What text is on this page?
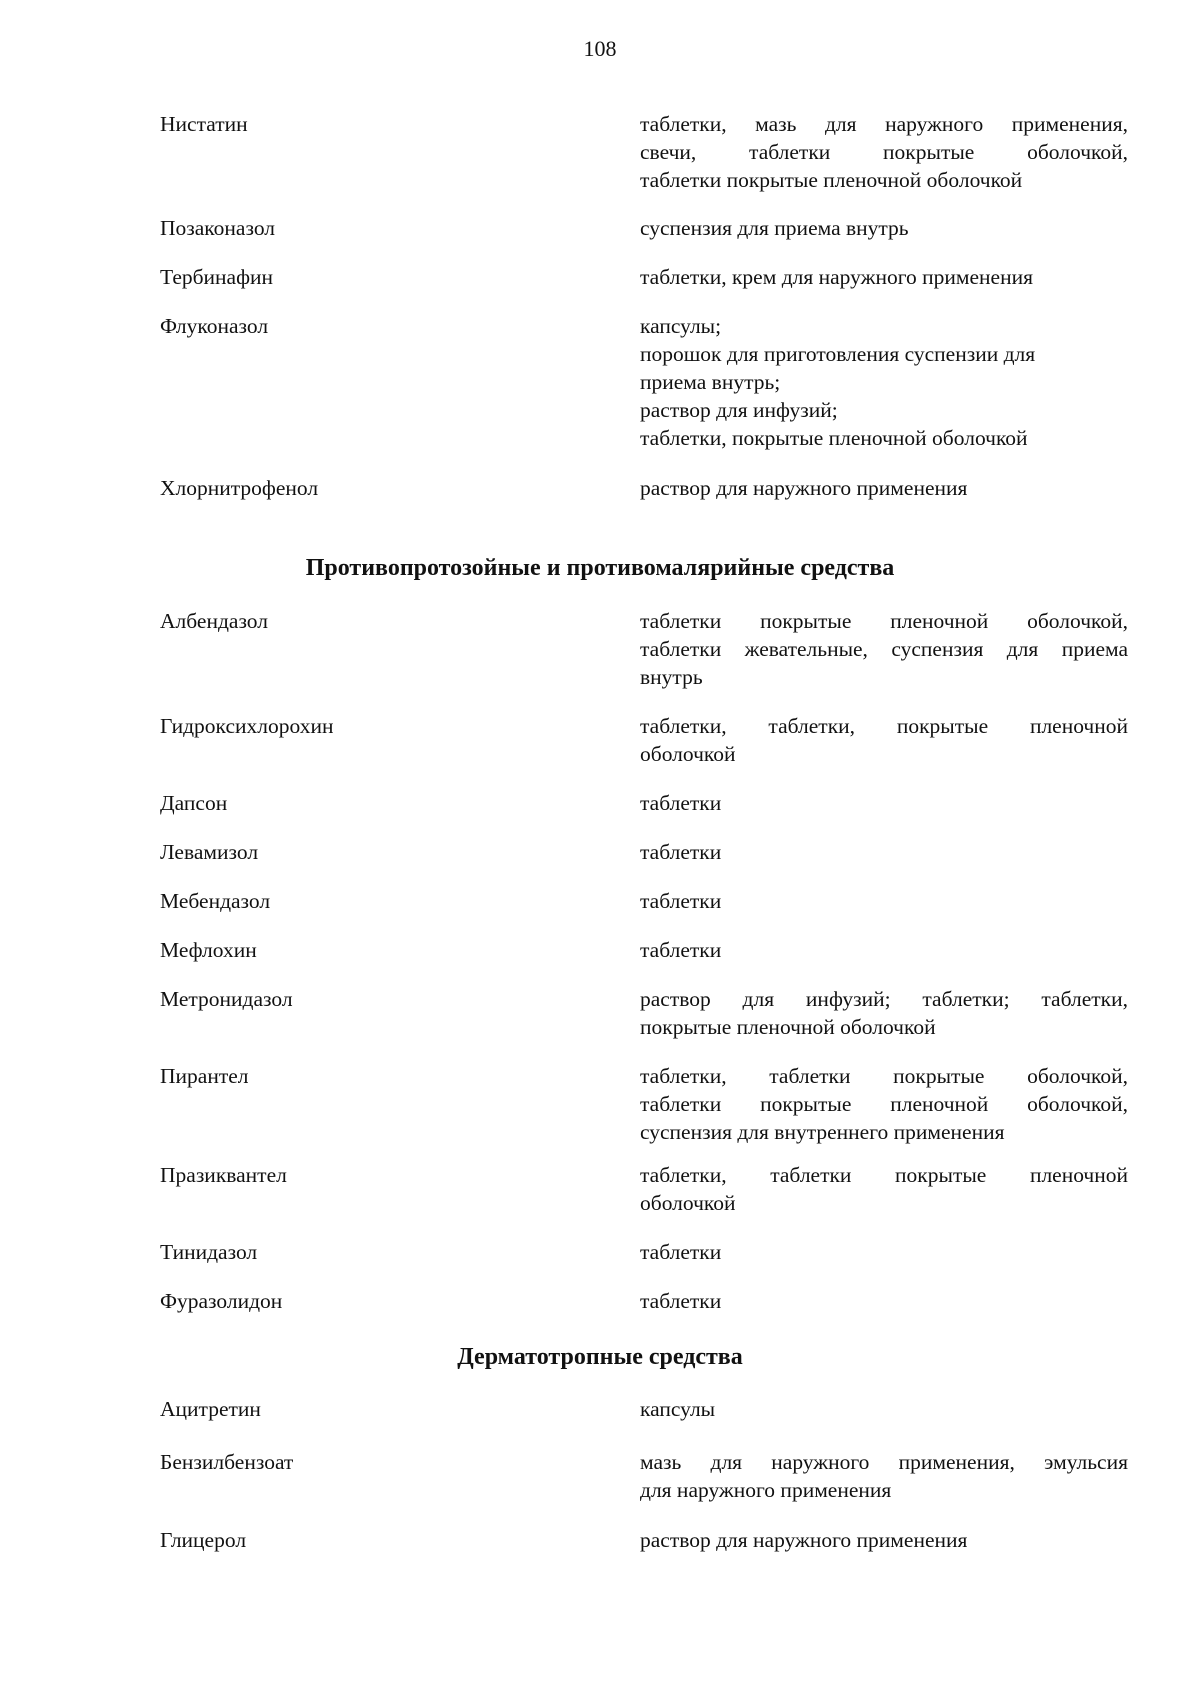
108
Нистатин	таблетки, мазь для наружного применения,
свечи, таблетки покрытые оболочкой,
таблетки покрытые пленочной оболочкой
Позаконазол	суспензия для приема внутрь
Тербинафин	таблетки, крем для наружного применения
Флуконазол	капсулы;
порошок для приготовления суспензии для
приема внутрь;
раствор для инфузий;
таблетки, покрытые пленочной оболочкой
Хлорнитрофенол	раствор для наружного применения
Противопротозойные и противомалярийные средства
Албендазол	таблетки покрытые пленочной оболочкой,
таблетки жевательные, суспензия для приема
внутрь
Гидроксихлорохин	таблетки, таблетки, покрытые пленочной
оболочкой
Дапсон	таблетки
Левамизол	таблетки
Мебендазол	таблетки
Мефлохин	таблетки
Метронидазол	раствор для инфузий; таблетки; таблетки,
покрытые пленочной оболочкой
Пирантел	таблетки, таблетки покрытые оболочкой,
таблетки покрытые пленочной оболочкой,
суспензия для внутреннего применения
Празиквантел	таблетки, таблетки покрытые пленочной
оболочкой
Тинидазол	таблетки
Фуразолидон	таблетки
Дерматотропные средства
Ацитретин	капсулы
Бензилбензоат	мазь для наружного применения, эмульсия
для наружного применения
Глицерол	раствор для наружного применения
